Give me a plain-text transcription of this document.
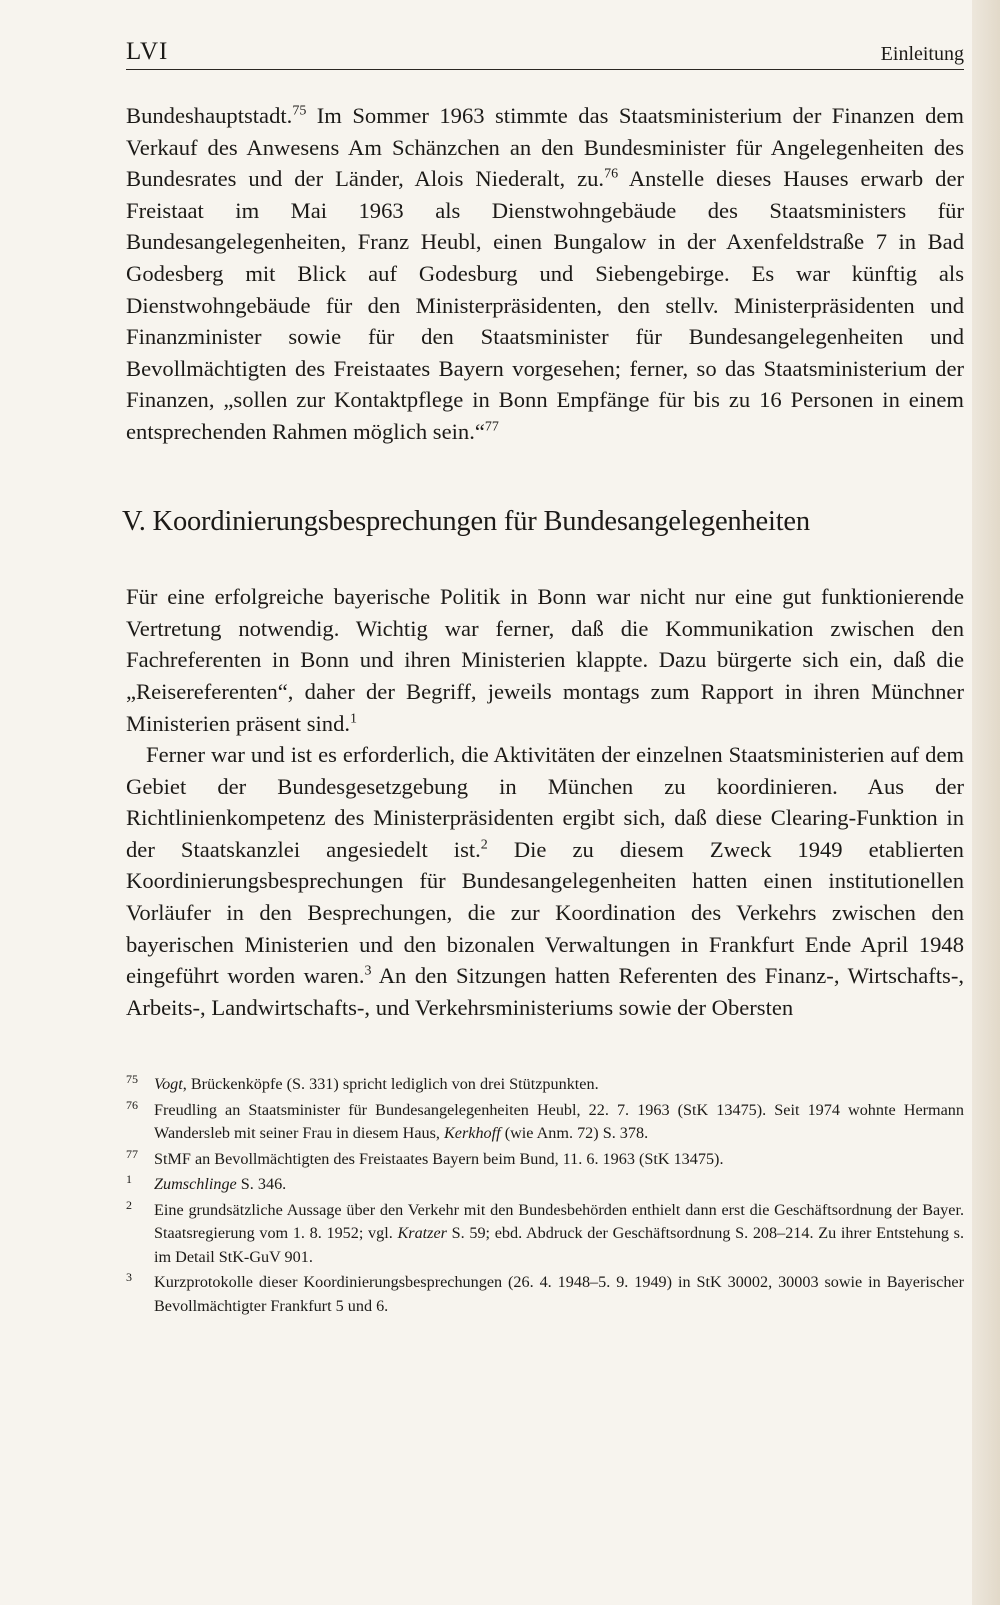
LVI	Einleitung

Bundeshauptstadt.$^{75}$ Im Sommer 1963 stimmte das Staatsministerium der Finanzen dem Verkauf des Anwesens Am Schänzchen an den Bundesminister für Angelegenheiten des Bundesrates und der Länder, Alois Niederalt, zu.$^{76}$ Anstelle dieses Hauses erwarb der Freistaat im Mai 1963 als Dienstwohngebäude des Staatsministers für Bundesangelegenheiten, Franz Heubl, einen Bungalow in der Axenfeldstraße 7 in Bad Godesberg mit Blick auf Godesburg und Siebengebirge. Es war künftig als Dienstwohngebäude für den Ministerpräsidenten, den stellv. Ministerpräsidenten und Finanzminister sowie für den Staatsminister für Bundesangelegenheiten und Bevollmächtigten des Freistaates Bayern vorgesehen; ferner, so das Staatsministerium der Finanzen, „sollen zur Kontaktpflege in Bonn Empfänge für bis zu 16 Personen in einem entsprechenden Rahmen möglich sein.“$^{77}$

V. Koordinierungsbesprechungen für Bundesangelegenheiten

Für eine erfolgreiche bayerische Politik in Bonn war nicht nur eine gut funktionierende Vertretung notwendig. Wichtig war ferner, daß die Kommunikation zwischen den Fachreferenten in Bonn und ihren Ministerien klappte. Dazu bürgerte sich ein, daß die „Reisereferenten“, daher der Begriff, jeweils montags zum Rapport in ihren Münchner Ministerien präsent sind.$^1$

Ferner war und ist es erforderlich, die Aktivitäten der einzelnen Staatsministerien auf dem Gebiet der Bundesgesetzgebung in München zu koordinieren. Aus der Richtlinienkompetenz des Ministerpräsidenten ergibt sich, daß diese Clearing-Funktion in der Staatskanzlei angesiedelt ist.$^2$ Die zu diesem Zweck 1949 etablierten Koordinierungsbesprechungen für Bundesangelegenheiten hatten einen institutionellen Vorläufer in den Besprechungen, die zur Koordination des Verkehrs zwischen den bayerischen Ministerien und den bizonalen Verwaltungen in Frankfurt Ende April 1948 eingeführt worden waren.$^3$ An den Sitzungen hatten Referenten des Finanz-, Wirtschafts-, Arbeits-, Landwirtschafts-, und Verkehrsministeriums sowie der Obersten

75 Vogt, Brückenköpfe (S. 331) spricht lediglich von drei Stützpunkten.
76 Freudling an Staatsminister für Bundesangelegenheiten Heubl, 22. 7. 1963 (StK 13475). Seit 1974 wohnte Hermann Wandersleb mit seiner Frau in diesem Haus, Kerkhoff (wie Anm. 72) S. 378.
77 StMF an Bevollmächtigten des Freistaates Bayern beim Bund, 11. 6. 1963 (StK 13475).
1	Zumschlinge S. 346.
2	Eine grundsätzliche Aussage über den Verkehr mit den Bundesbehörden enthielt dann erst die Geschäftsordnung der Bayer. Staatsregierung vom 1. 8. 1952; vgl. Kratzer S. 59; ebd. Abdruck der Geschäftsordnung S. 208–214. Zu ihrer Entstehung s. im Detail StK-GuV 901.
3	Kurzprotokolle dieser Koordinierungsbesprechungen (26. 4. 1948–5. 9. 1949) in StK 30002, 30003 sowie in Bayerischer Bevollmächtigter Frankfurt 5 und 6.
